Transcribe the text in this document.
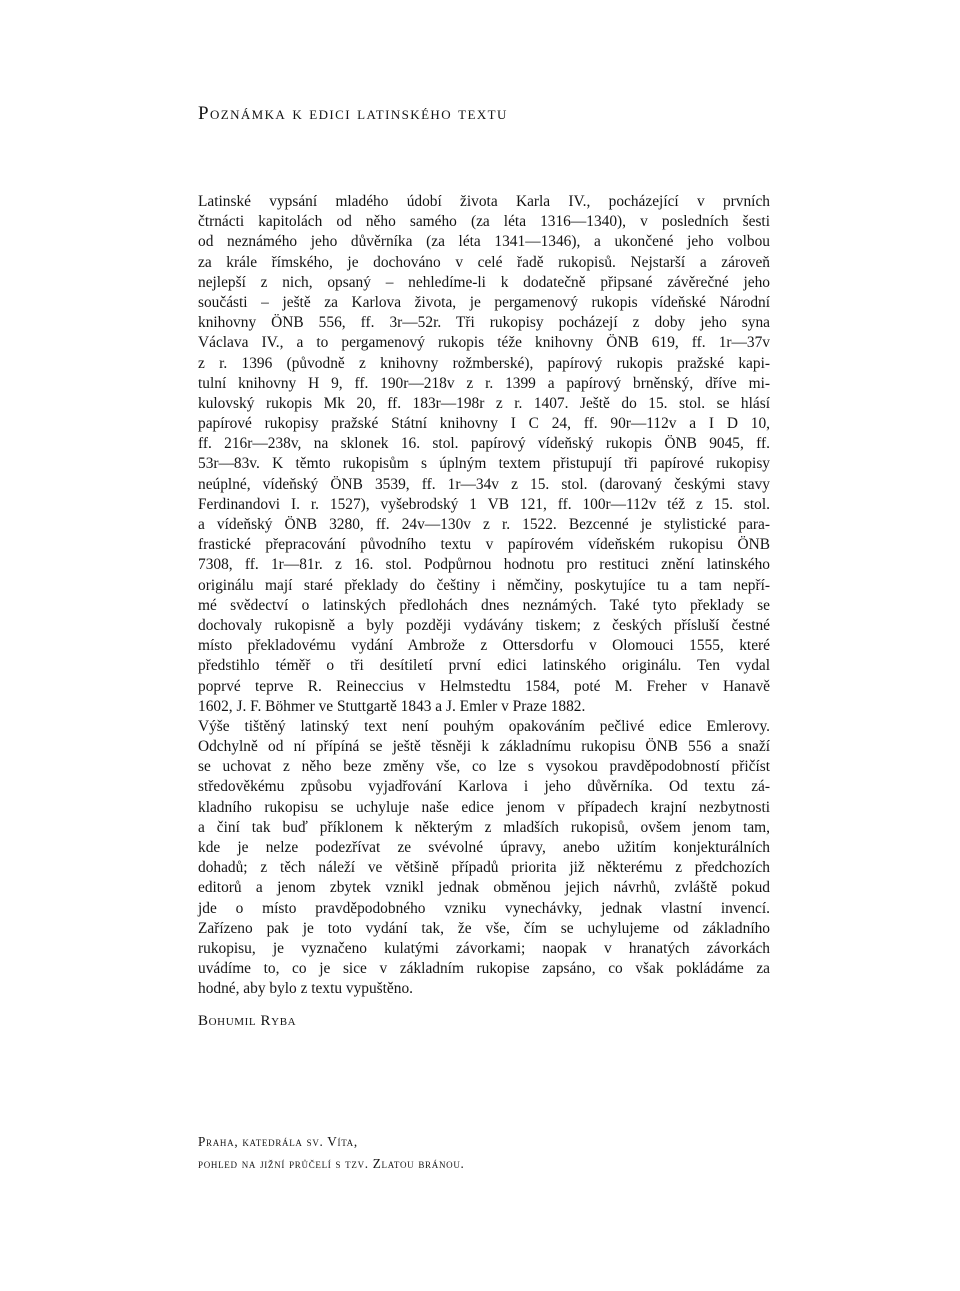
Poznámka k edici latinského textu
Latinské vypsání mladého údobí života Karla IV., pocházející v prvních
čtrnácti kapitolách od něho samého (za léta 1316—1340), v posledních šesti
od neznámého jeho důvěrníka (za léta 1341—1346), a ukončené jeho volbou
za krále římského, je dochováno v celé řadě rukopisů. Nejstarší a zároveň
nejlepší z nich, opsaný – nehledíme-li k dodatečně připsané závěrečné jeho
součásti – ještě za Karlova života, je pergamenový rukopis vídeňské Národní
knihovny ÖNB 556, ff. 3r—52r. Tři rukopisy pocházejí z doby jeho syna
Václava IV., a to pergamenový rukopis téže knihovny ÖNB 619, ff. 1r—37v
z r. 1396 (původně z knihovny rožmberské), papírový rukopis pražské kapi-
tulní knihovny H 9, ff. 190r—218v z r. 1399 a papírový brněnský, dříve mi-
kulovský rukopis Mk 20, ff. 183r—198r z r. 1407. Ještě do 15. stol. se hlásí
papírové rukopisy pražské Státní knihovny I C 24, ff. 90r—112v a I D 10,
ff. 216r—238v, na sklonek 16. stol. papírový vídeňský rukopis ÖNB 9045, ff.
53r—83v. K těmto rukopisům s úplným textem přistupují tři papírové rukopisy
neúplné, vídeňský ÖNB 3539, ff. 1r—34v z 15. stol. (darovaný českými stavy
Ferdinandovi I. r. 1527), vyšebrodský 1 VB 121, ff. 100r—112v též z 15. stol.
a vídeňský ÖNB 3280, ff. 24v—130v z r. 1522. Bezcenné je stylistické para-
frastické přepracování původního textu v papírovém vídeňském rukopisu ÖNB
7308, ff. 1r—81r. z 16. stol. Podpůrnou hodnotu pro restituci znění latinského
originálu mají staré překlady do češtiny i němčiny, poskytujíce tu a tam nepří-
mé svědectví o latinských předlohách dnes neznámých. Také tyto překlady se
dochovaly rukopisně a byly později vydávány tiskem; z českých přísluší čestné
místo překladovému vydání Ambrože z Ottersdorfu v Olomouci 1555, které
předstihlo téměř o tři desítiletí první edici latinského originálu. Ten vydal
poprvé teprve R. Reineccius v Helmstedtu 1584, poté M. Freher v Hanavě
1602, J. F. Böhmer ve Stuttgartě 1843 a J. Emler v Praze 1882.
Výše tištěný latinský text není pouhým opakováním pečlivé edice Emlerovy.
Odchylně od ní přípíná se ještě těsněji k základnímu rukopisu ÖNB 556 a snaží
se uchovat z něho beze změny vše, co lze s vysokou pravděpodobností přičíst
středověkému způsobu vyjadřování Karlova i jeho důvěrníka. Od textu zá-
kladního rukopisu se uchyluje naše edice jenom v případech krajní nezbytnosti
a činí tak buď příklonem k některým z mladších rukopisů, ovšem jenom tam,
kde je nelze podezřívat ze svévolné úpravy, anebo užitím konjekturálních
dohadů; z těch náleží ve většině případů priorita již některému z předchozích
editorů a jenom zbytek vznikl jednak obměnou jejich návrhů, zvláště pokud
jde o místo pravděpodobného vzniku vynechávky, jednak vlastní invencí.
Zařízeno pak je toto vydání tak, že vše, čím se uchylujeme od základního
rukopisu, je vyznačeno kulatými závorkami; naopak v hranatých závorkách
uvádíme to, co je sice v základním rukopise zapsáno, co však pokládáme za
hodné, aby bylo z textu vypuštěno.
Bohumil Ryba
Praha, katedrála sv. Víta,
pohled na jižní průčelí s tzv. Zlatou bránou.
